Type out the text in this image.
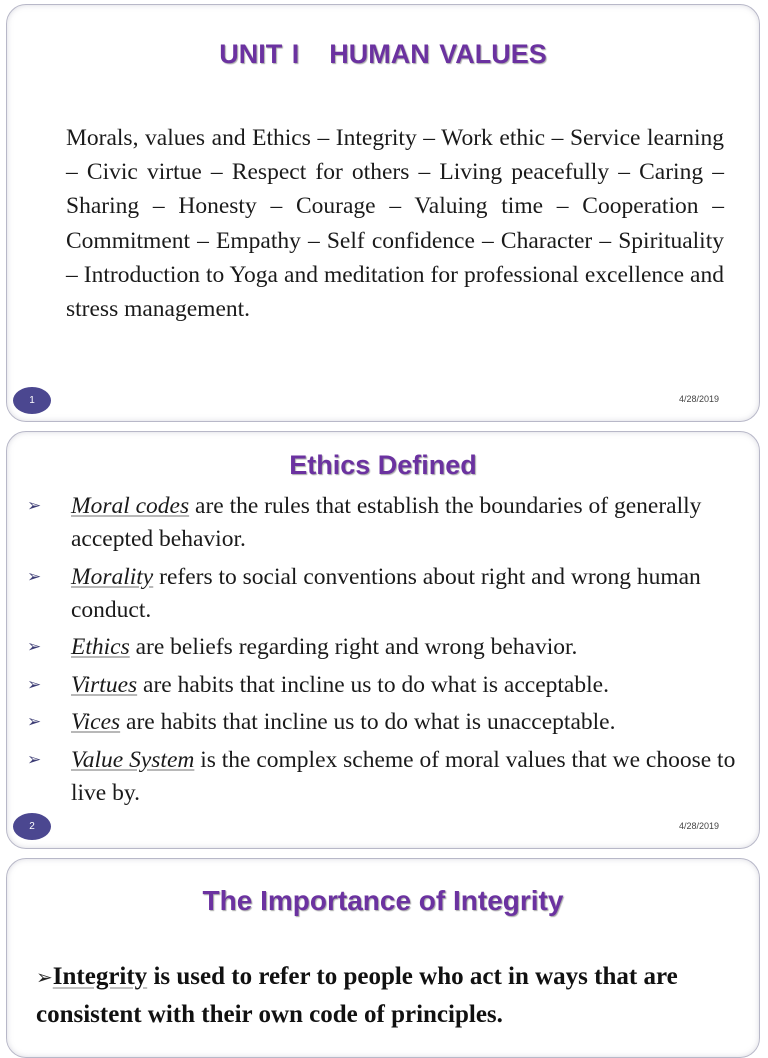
UNIT I HUMAN VALUES

Morals, values and Ethics – Integrity – Work ethic – Service learning – Civic virtue – Respect for others – Living peacefully – Caring – Sharing – Honesty – Courage – Valuing time – Cooperation – Commitment – Empathy – Self confidence – Character – Spirituality – Introduction to Yoga and meditation for professional excellence and stress management.

1	4/28/2019
Ethics Defined
➢	Moral codes are the rules that establish the boundaries of generally accepted behavior.
➢	Morality refers to social conventions about right and wrong human conduct.
➢	Ethics are beliefs regarding right and wrong behavior.
➢	Virtues are habits that incline us to do what is acceptable.
➢	Vices are habits that incline us to do what is unacceptable.
➢	Value System is the complex scheme of moral values that we choose to live by.
2	4/28/2019
The Importance of Integrity

➢Integrity is used to refer to people who act in ways that are consistent with their own code of principles.
